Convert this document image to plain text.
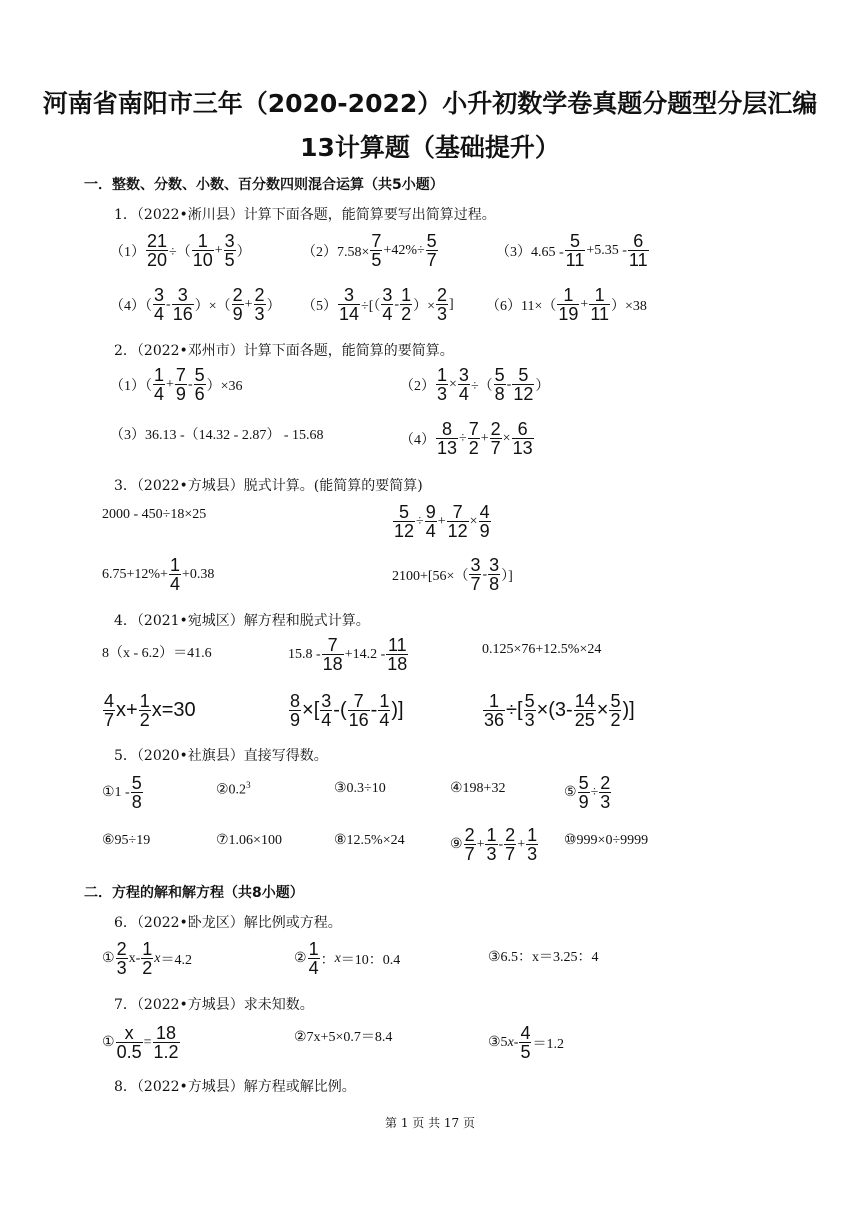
河南省南阳市三年（2020-2022）小升初数学卷真题分题型分层汇编
13计算题（基础提升）
一．整数、分数、小数、百分数四则混合运算（共5小题）
1．（2022•淅川县）计算下面各题，能简算要写出简算过程。
$(1) \frac{21}{20}$ ÷（ $\frac{1}{10} + \frac{3}{5}$ ）	$(2)7.58\times \frac{7}{5} +42\%\div \frac{5}{7}$	$(3)4.65 - \frac{5}{11} +5.35 - \frac{6}{11}$
$(4)( \frac{3}{4} - \frac{3}{16}$ ）×（ $\frac{2}{9} + \frac{2}{3}$ ） $(5) \frac{3}{14}$ ÷[（ $\frac{3}{4} - \frac{1}{2}$ ）× $\frac{2}{3}$ ] $(6)11\times( \frac{1}{19} + \frac{1}{11} )\times 38$
2．（2022•邓州市）计算下面各题，能简算的要简算。
$(1)( \frac{1}{4} + \frac{7}{9} - \frac{5}{6} )\times 36$	$(2) \frac{1}{3} \times \frac{3}{4}$ ÷（ $\frac{5}{8} - \frac{5}{12}$ ）
（3）36.13 -（14.32 - 2.87） - 15.68	$(4) \frac{8}{13} \div \frac{7}{2} + \frac{2}{7} \times \frac{6}{13}$
3．（2022•方城县）脱式计算。(能简算的要简算)
2000 - 450÷18×25	$\frac{5}{12} \div \frac{9}{4} + \frac{7}{12} \times \frac{4}{9}$
$6.75+12\%+ \frac{1}{4} +0.38$	$2100+[56\times( \frac{3}{7} - \frac{3}{8}$ ）]
4．（2021•宛城区）解方程和脱式计算。
8（x - 6.2）＝41.6	$15.8 - \frac{7}{18} +14.2 - \frac{11}{18}$	0.125×76+12.5%×24
$\frac{4}{7} x+ \frac{1}{2} x=30$	$\frac{8}{9}$ ×[ $\frac{3}{4}$ -( $\frac{7}{16} - \frac{1}{4}$ )]	$\frac{1}{36}$ ÷[ $\frac{5}{3} \times(3- \frac{14}{25} \times \frac{5}{2}$ )]
5．（2020•社旗县）直接写得数。
①1 - $\frac{5}{8}$	$②0.2^3$	③0.3÷10	④198+32	⑤ $\frac{5}{9} \div \frac{2}{3}$
⑥95÷19	⑦1.06×100	⑧12.5%×24	⑨ $\frac{2}{7} + \frac{1}{3} - \frac{2}{7} + \frac{1}{3}$ ⑩999×0÷9999
二．方程的解和解方程（共8小题）
6．（2022•卧龙区）解比例或方程。
① $\frac{2}{3} x- \frac{1}{2}$ x ＝4.2	② $\frac{1}{4}$ ： x ＝10：0.4	③6.5：x＝3.25：4
7．（2022•方城县）求未知数。
① $\frac{x}{0.5} = \frac{18}{1.2}$	②7x+5×0.7＝8.4	③5 $x - \frac{4}{5} =1.2$
8．（2022•方城县）解方程或解比例。
第 1 页 共 17 页
